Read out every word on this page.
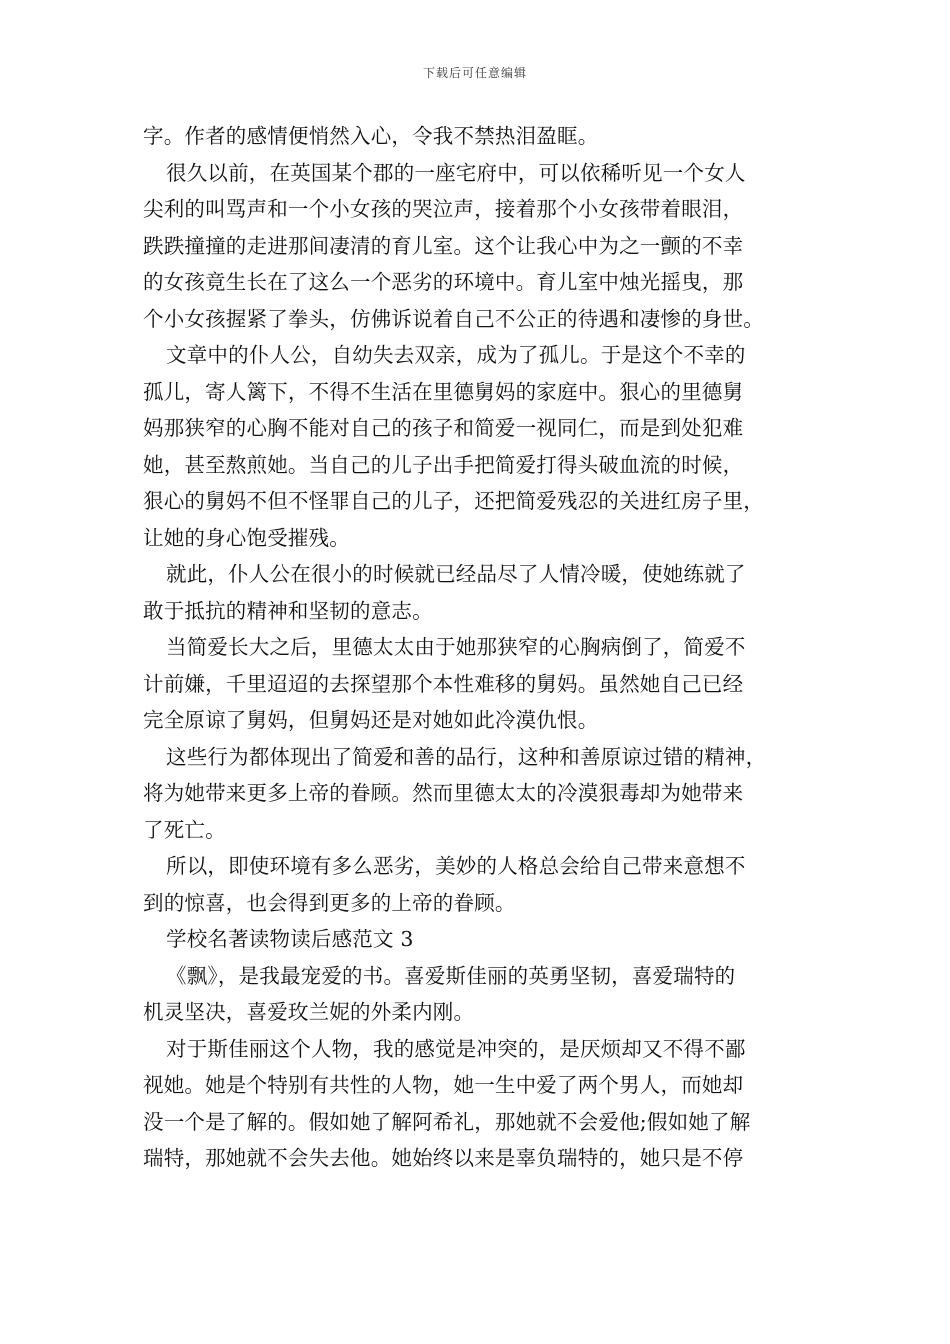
下载后可任意编辑
字。作者的感情便悄然入心，令我不禁热泪盈眶。
很久以前，在英国某个郡的一座宅府中，可以依稀听见一个女人
尖利的叫骂声和一个小女孩的哭泣声，接着那个小女孩带着眼泪，
跌跌撞撞的走进那间凄清的育儿室。这个让我心中为之一颤的不幸
的女孩竟生长在了这么一个恶劣的环境中。育儿室中烛光摇曳，那
个小女孩握紧了拳头，仿佛诉说着自己不公正的待遇和凄惨的身世。
文章中的仆人公，自幼失去双亲，成为了孤儿。于是这个不幸的
孤儿，寄人篱下，不得不生活在里德舅妈的家庭中。狠心的里德舅
妈那狭窄的心胸不能对自己的孩子和简爱一视同仁，而是到处犯难
她，甚至熬煎她。当自己的儿子出手把简爱打得头破血流的时候，
狠心的舅妈不但不怪罪自己的儿子，还把简爱残忍的关进红房子里，
让她的身心饱受摧残。
就此，仆人公在很小的时候就已经品尽了人情冷暖，使她练就了
敢于抵抗的精神和坚韧的意志。
当简爱长大之后，里德太太由于她那狭窄的心胸病倒了，简爱不
计前嫌，千里迢迢的去探望那个本性难移的舅妈。虽然她自己已经
完全原谅了舅妈，但舅妈还是对她如此冷漠仇恨。
这些行为都体现出了简爱和善的品行，这种和善原谅过错的精神，
将为她带来更多上帝的眷顾。然而里德太太的冷漠狠毒却为她带来
了死亡。
所以，即使环境有多么恶劣，美妙的人格总会给自己带来意想不
到的惊喜，也会得到更多的上帝的眷顾。
学校名著读物读后感范文 3
《飘》，是我最宠爱的书。喜爱斯佳丽的英勇坚韧，喜爱瑞特的
机灵坚决，喜爱玫兰妮的外柔内刚。
对于斯佳丽这个人物，我的感觉是冲突的，是厌烦却又不得不鄙
视她。她是个特别有共性的人物，她一生中爱了两个男人，而她却
没一个是了解的。假如她了解阿希礼，那她就不会爱他;假如她了解
瑞特，那她就不会失去他。她始终以来是辜负瑞特的，她只是不停
